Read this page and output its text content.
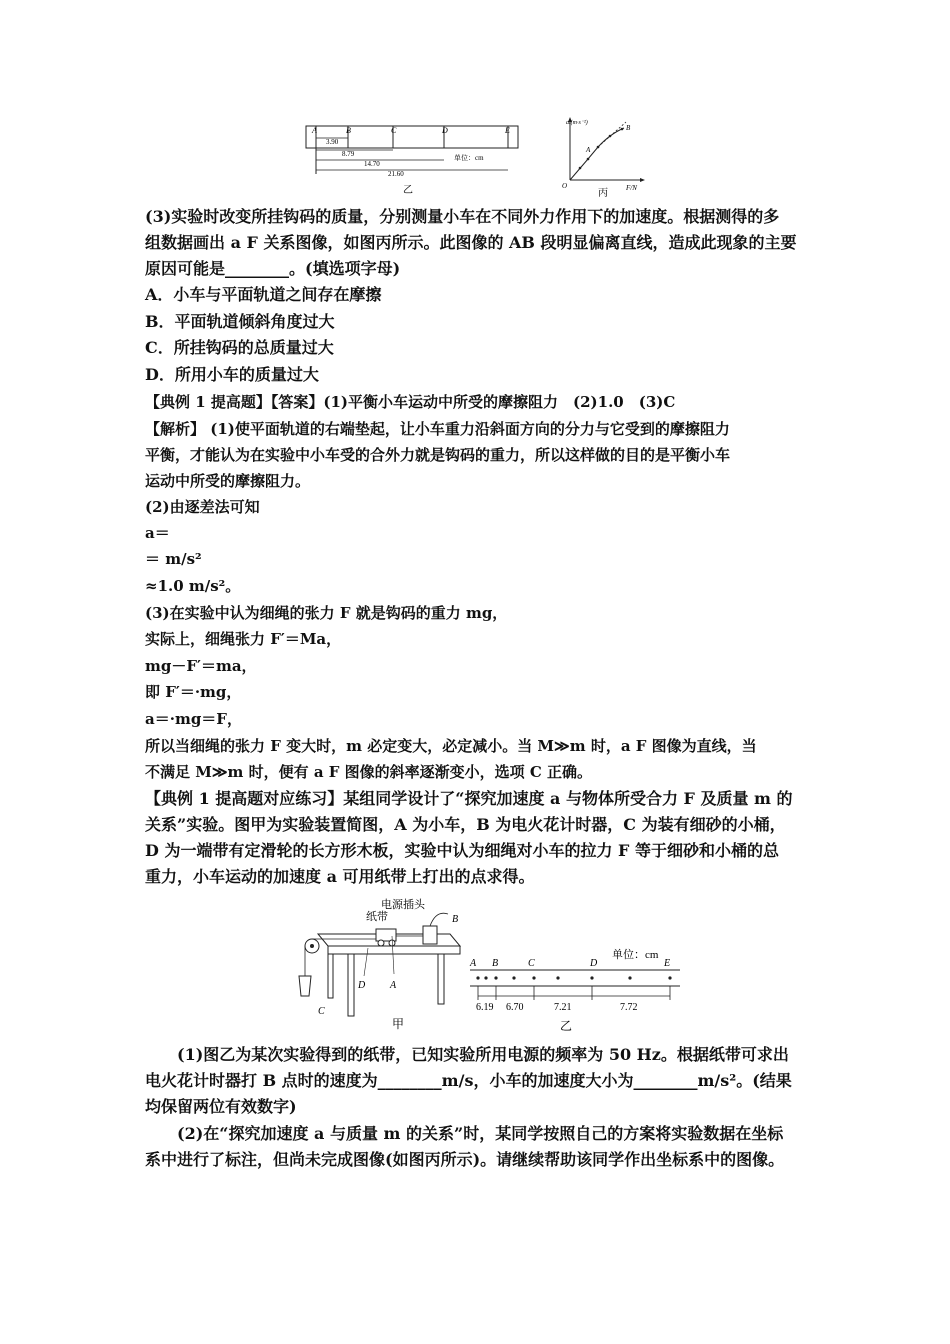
A	B	C	D	E
3.90
8.79
14.70
21.60
单位：cm
乙
a/(m·s⁻²)
F/N
O
A
B
丙
(3)实验时改变所挂钩码的质量，分别测量小车在不同外力作用下的加速度。根据测得的多
组数据画出 a F 关系图像，如图丙所示。此图像的 AB 段明显偏离直线，造成此现象的主要
原因可能是________。(填选项字母)
A．小车与平面轨道之间存在摩擦
B．平面轨道倾斜角度过大
C．所挂钩码的总质量过大
D．所用小车的质量过大
【典例 1 提高题】【答案】(1)平衡小车运动中所受的摩擦阻力　(2)1.0　(3)C
【解析】 (1)使平面轨道的右端垫起，让小车重力沿斜面方向的分力与它受到的摩擦阻力
平衡，才能认为在实验中小车受的合外力就是钩码的重力，所以这样做的目的是平衡小车
运动中所受的摩擦阻力。
(2)由逐差法可知
a＝
＝ m/s²
≈1.0 m/s²。
(3)在实验中认为细绳的张力 F 就是钩码的重力 mg，
实际上，细绳张力 F′＝Ma，
mg－F′＝ma，
即 F′＝·mg，
a＝·mg＝F，
所以当细绳的张力 F 变大时，m 必定变大，必定减小。当 M≫m 时，a F 图像为直线，当
不满足 M≫m 时，便有 a F 图像的斜率逐渐变小，选项 C 正确。
【典例 1 提高题对应练习】某组同学设计了“探究加速度 a 与物体所受合力 F 及质量 m 的
关系”实验。图甲为实验装置简图，A 为小车，B 为电火花计时器，C 为装有细砂的小桶，
D 为一端带有定滑轮的长方形木板，实验中认为细绳对小车的拉力 F 等于细砂和小桶的总
重力，小车运动的加速度 a 可用纸带上打出的点求得。
电源插头
纸带	B
D A
C
甲
单位：cm
A B	C	D	E
6.19 6.70	7.21	7.72
乙
(1)图乙为某次实验得到的纸带，已知实验所用电源的频率为 50 Hz。根据纸带可求出
电火花计时器打 B 点时的速度为________m/s，小车的加速度大小为________m/s²。(结果
均保留两位有效数字)
(2)在“探究加速度 a 与质量 m 的关系”时，某同学按照自己的方案将实验数据在坐标
系中进行了标注，但尚未完成图像(如图丙所示)。请继续帮助该同学作出坐标系中的图像。
